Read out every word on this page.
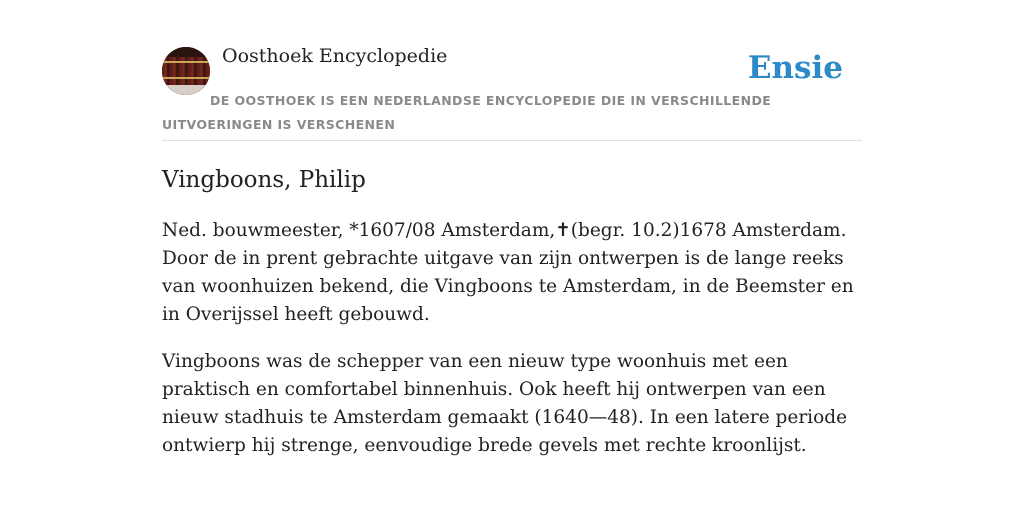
Oosthoek Encyclopedie	Ensie
DE OOSTHOEK IS EEN NEDERLANDSE ENCYCLOPEDIE DIE IN VERSCHILLENDE UITVOERINGEN IS VERSCHENEN
Vingboons, Philip

Ned. bouwmeester, *1607/08 Amsterdam,✝(begr. 10.2)1678 Amsterdam. Door de in prent gebrachte uitgave van zijn ontwerpen is de lange reeks van woonhuizen bekend, die Vingboons te Amsterdam, in de Beemster en in Overijssel heeft gebouwd.

Vingboons was de schepper van een nieuw type woonhuis met een praktisch en comfortabel binnenhuis. Ook heeft hij ontwerpen van een nieuw stadhuis te Amsterdam gemaakt (1640—48). In een latere periode ontwierp hij strenge, eenvoudige brede gevels met rechte kroonlijst.
